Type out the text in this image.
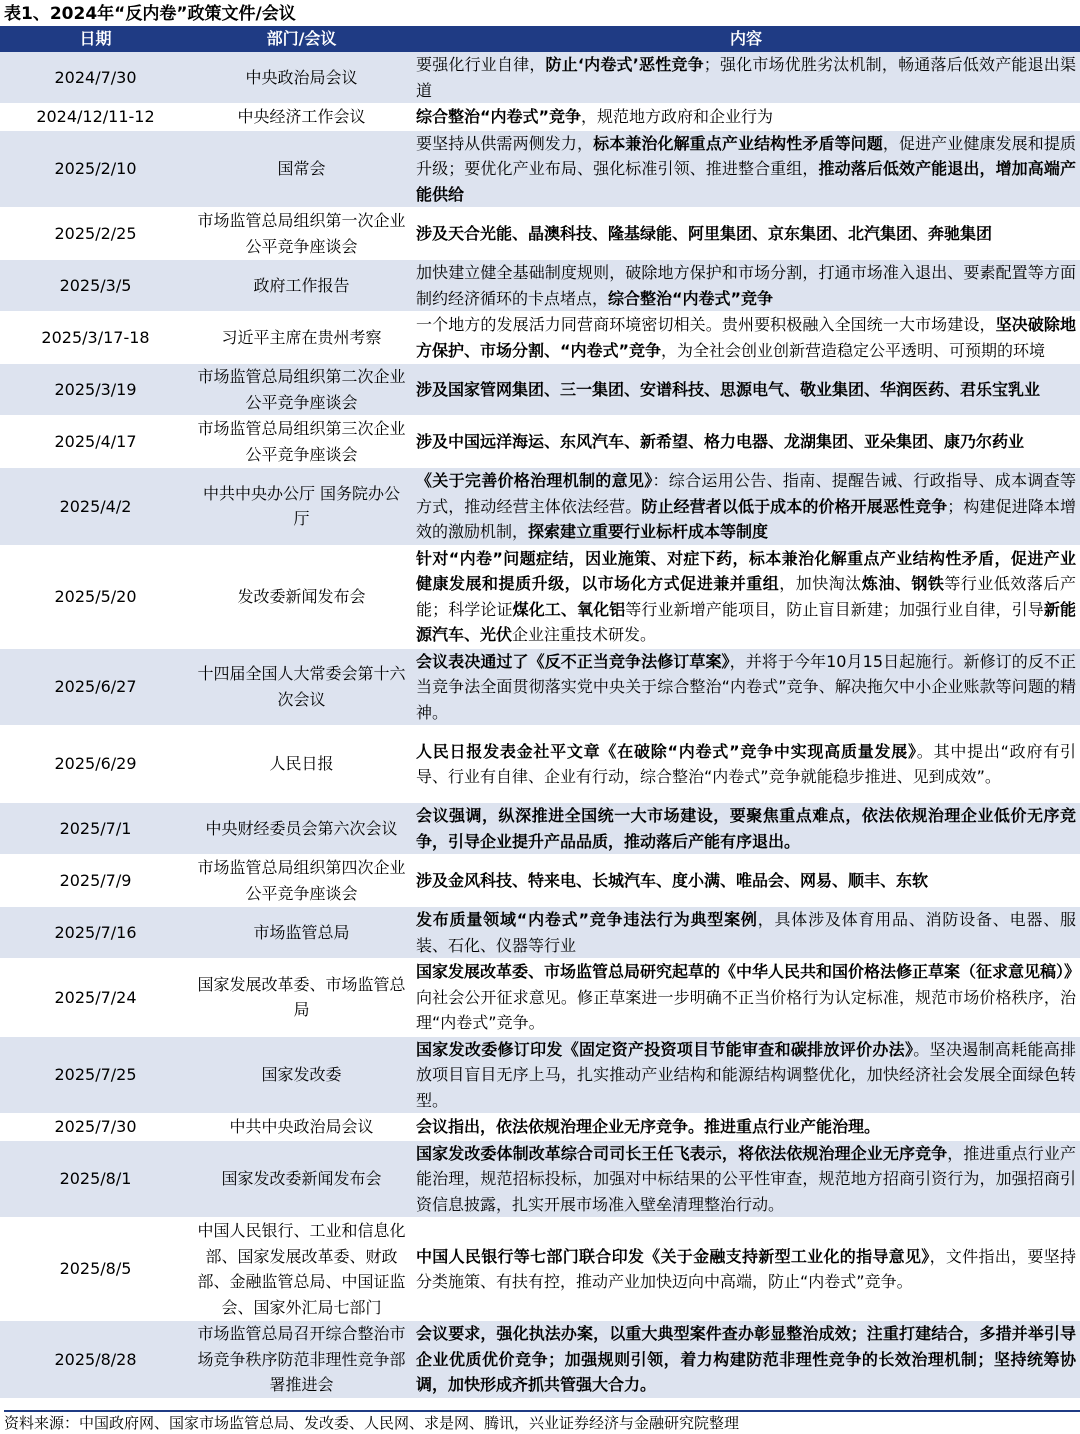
表1、2024年“反内卷”政策文件/会议
日期	部门/会议	内容
2024/7/30	中央政治局会议	要强化行业自律，防止‘内卷式’恶性竞争；强化市场优胜劣汰机制，畅通落后低效产能退出渠道
2024/12/11-12	中央经济工作会议	综合整治“内卷式”竞争，规范地方政府和企业行为
2025/2/10	国常会	要坚持从供需两侧发力，标本兼治化解重点产业结构性矛盾等问题，促进产业健康发展和提质升级；要优化产业布局、强化标准引领、推进整合重组，推动落后低效产能退出，增加高端产能供给
2025/2/25	市场监管总局组织第一次企业公平竞争座谈会	涉及天合光能、晶澳科技、隆基绿能、阿里集团、京东集团、北汽集团、奔驰集团
2025/3/5	政府工作报告	加快建立健全基础制度规则，破除地方保护和市场分割，打通市场准入退出、要素配置等方面制约经济循环的卡点堵点，综合整治“内卷式”竞争
2025/3/17-18	习近平主席在贵州考察	一个地方的发展活力同营商环境密切相关。贵州要积极融入全国统一大市场建设，坚决破除地方保护、市场分割、“内卷式”竞争，为全社会创业创新营造稳定公平透明、可预期的环境
2025/3/19	市场监管总局组织第二次企业公平竞争座谈会	涉及国家管网集团、三一集团、安谱科技、思源电气、敬业集团、华润医药、君乐宝乳业
2025/4/17	市场监管总局组织第三次企业公平竞争座谈会	涉及中国远洋海运、东风汽车、新希望、格力电器、龙湖集团、亚朵集团、康乃尔药业
2025/4/2	中共中央办公厅 国务院办公厅	《关于完善价格治理机制的意见》：综合运用公告、指南、提醒告诫、行政指导、成本调查等方式，推动经营主体依法经营。防止经营者以低于成本的价格开展恶性竞争；构建促进降本增效的激励机制，探索建立重要行业标杆成本等制度
2025/5/20	发改委新闻发布会	针对“内卷”问题症结，因业施策、对症下药，标本兼治化解重点产业结构性矛盾，促进产业健康发展和提质升级，以市场化方式促进兼并重组，加快淘汰炼油、钢铁等行业低效落后产能；科学论证煤化工、氧化铝等行业新增产能项目，防止盲目新建；加强行业自律，引导新能源汽车、光伏企业注重技术研发。
2025/6/27	十四届全国人大常委会第十六次会议	会议表决通过了《反不正当竞争法修订草案》，并将于今年10月15日起施行。新修订的反不正当竞争法全面贯彻落实党中央关于综合整治“内卷式”竞争、解决拖欠中小企业账款等问题的精神。
2025/6/29	人民日报	人民日报发表金社平文章《在破除“内卷式”竞争中实现高质量发展》。其中提出“政府有引导、行业有自律、企业有行动，综合整治“内卷式”竞争就能稳步推进、见到成效”。
2025/7/1	中央财经委员会第六次会议	会议强调，纵深推进全国统一大市场建设，要聚焦重点难点，依法依规治理企业低价无序竞争，引导企业提升产品品质，推动落后产能有序退出。
2025/7/9	市场监管总局组织第四次企业公平竞争座谈会	涉及金风科技、特来电、长城汽车、度小满、唯品会、网易、顺丰、东软
2025/7/16	市场监管总局	发布质量领域“内卷式”竞争违法行为典型案例，具体涉及体育用品、消防设备、电器、服装、石化、仪器等行业
2025/7/24	国家发展改革委、市场监管总局	国家发展改革委、市场监管总局研究起草的《中华人民共和国价格法修正草案（征求意见稿）》向社会公开征求意见。修正草案进一步明确不正当价格行为认定标准，规范市场价格秩序，治理“内卷式”竞争。
2025/7/25	国家发改委	国家发改委修订印发《固定资产投资项目节能审查和碳排放评价办法》。坚决遏制高耗能高排放项目盲目无序上马，扎实推动产业结构和能源结构调整优化，加快经济社会发展全面绿色转型。
2025/7/30	中共中央政治局会议	会议指出，依法依规治理企业无序竞争。推进重点行业产能治理。
2025/8/1	国家发改委新闻发布会	国家发改委体制改革综合司司长王任飞表示，将依法依规治理企业无序竞争，推进重点行业产能治理，规范招标投标，加强对中标结果的公平性审查，规范地方招商引资行为，加强招商引资信息披露，扎实开展市场准入壁垒清理整治行动。
2025/8/5	中国人民银行、工业和信息化部、国家发展改革委、财政部、金融监管总局、中国证监会、国家外汇局七部门	中国人民银行等七部门联合印发《关于金融支持新型工业化的指导意见》，文件指出，要坚持分类施策、有扶有控，推动产业加快迈向中高端，防止“内卷式”竞争。
2025/8/28	市场监管总局召开综合整治市场竞争秩序防范非理性竞争部署推进会	会议要求，强化执法办案，以重大典型案件查办彰显整治成效；注重打建结合，多措并举引导企业优质优价竞争；加强规则引领，着力构建防范非理性竞争的长效治理机制；坚持统筹协调，加快形成齐抓共管强大合力。
资料来源：中国政府网、国家市场监管总局、发改委、人民网、求是网、腾讯，兴业证券经济与金融研究院整理
